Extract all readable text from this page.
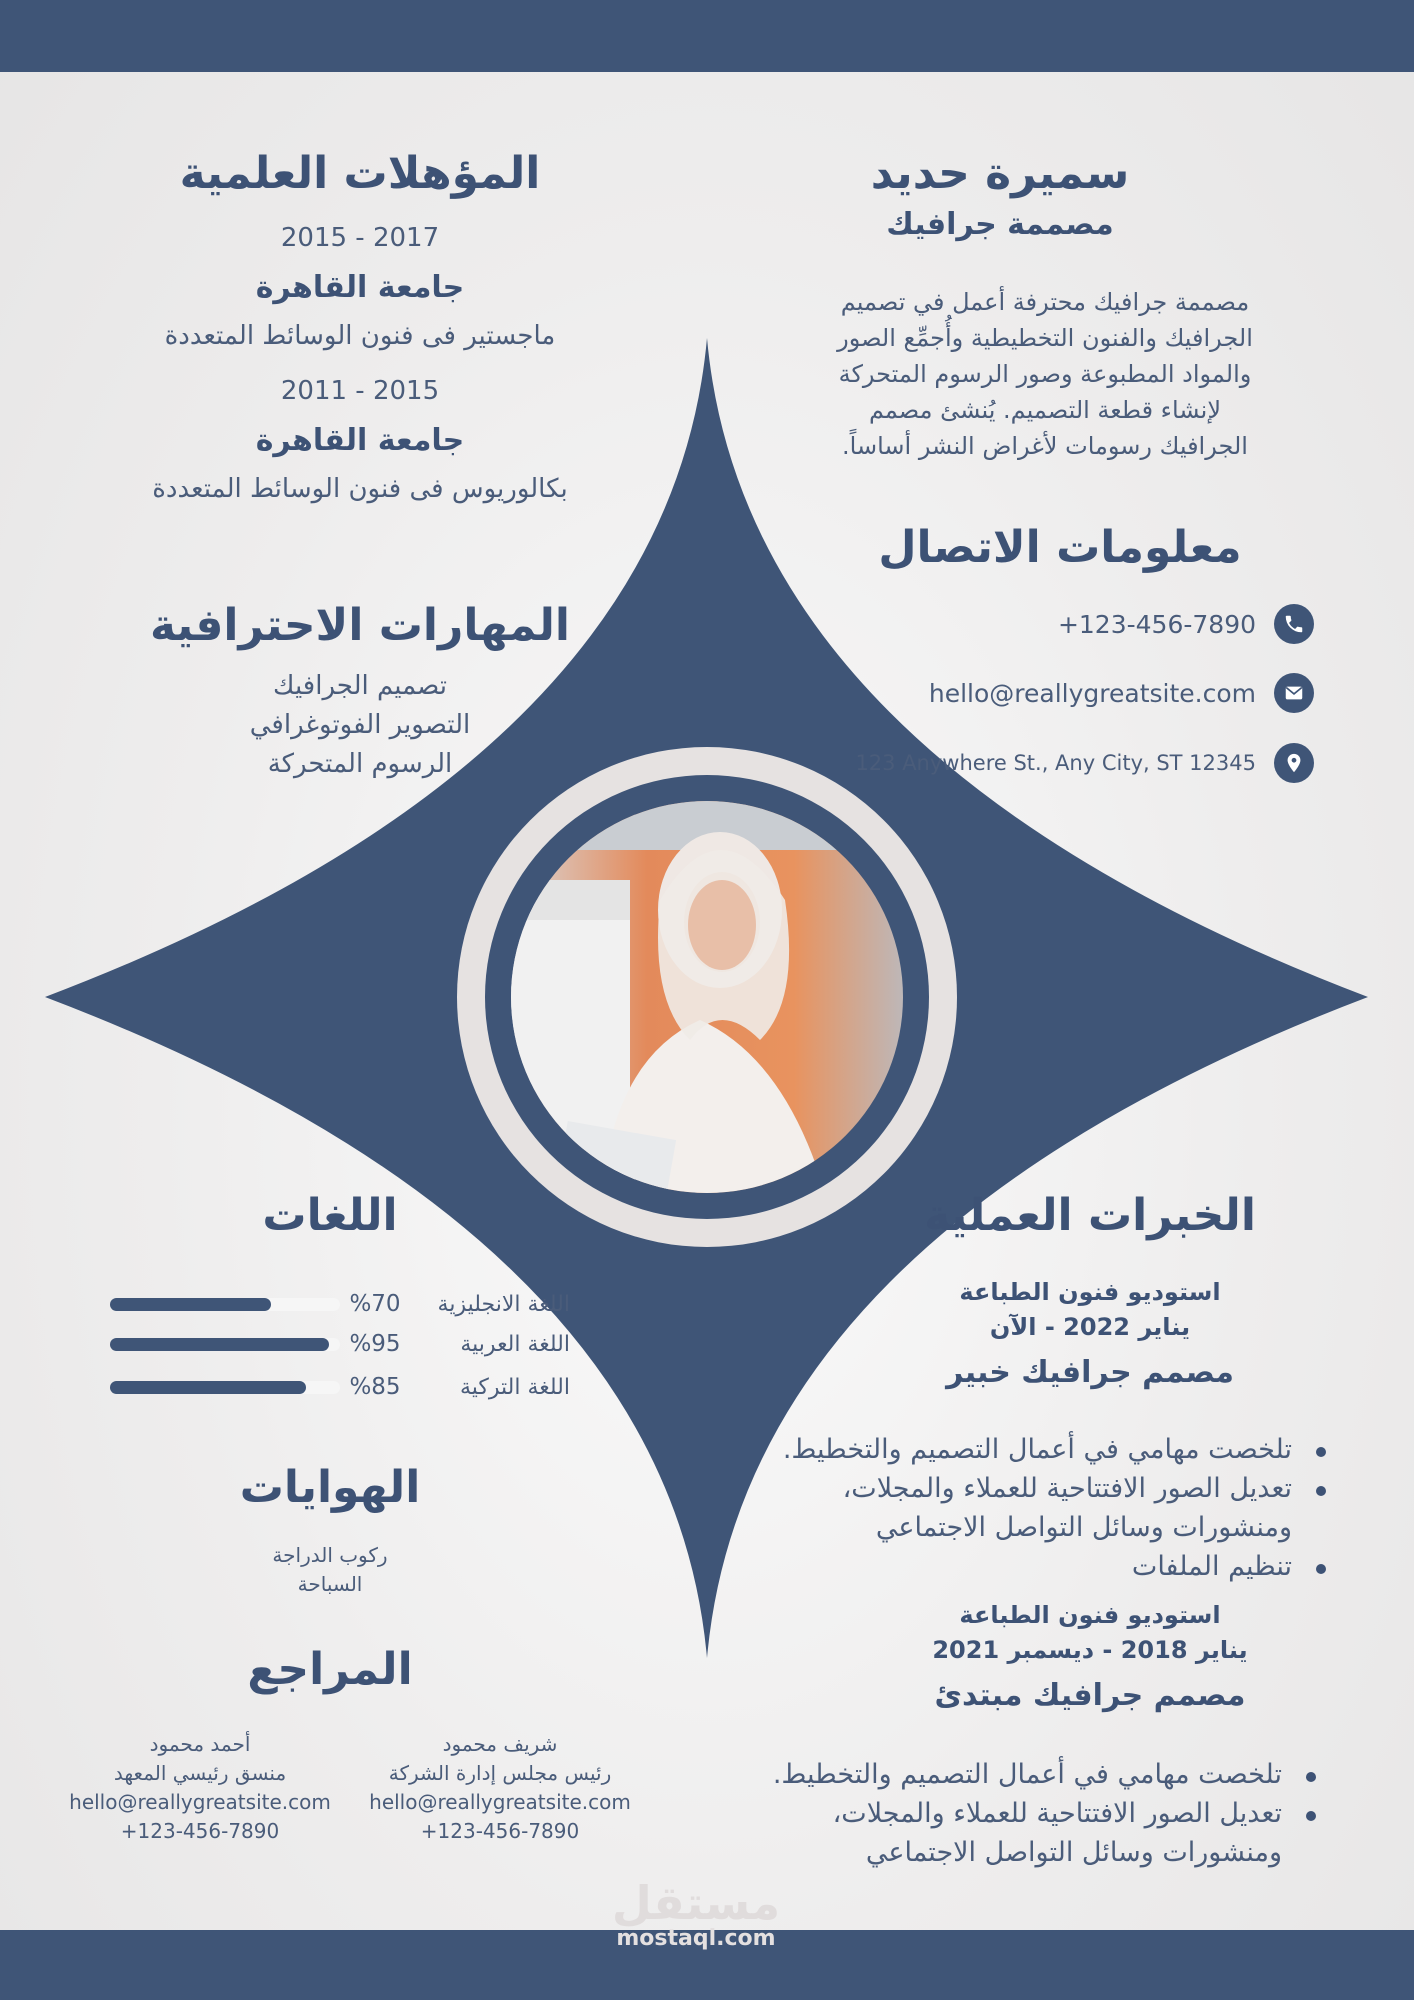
سميرة حديد
مصممة جرافيك
مصممة جرافيك محترفة أعمل في تصميم
الجرافيك والفنون التخطيطية وأُجمِّع الصور
والمواد المطبوعة وصور الرسوم المتحركة
لإنشاء قطعة التصميم. يُنشئ مصمم
الجرافيك رسومات لأغراض النشر أساساً.
معلومات الاتصال
+123-456-7890
hello@reallygreatsite.com
123 Anywhere St., Any City, ST 12345
المؤهلات العلمية
2017 - 2015
جامعة القاهرة
ماجستير فى فنون الوسائط المتعددة
2015 - 2011
جامعة القاهرة
بكالوريوس فى فنون الوسائط المتعددة
المهارات الاحترافية
تصميم الجرافيك
التصوير الفوتوغرافي
الرسوم المتحركة
اللغات
%70	اللغة الانجليزية
%95	اللغة العربية
%85	اللغة التركية
الهوايات
ركوب الدراجة
السباحة
المراجع
شريف محمود
رئيس مجلس إدارة الشركة
hello@reallygreatsite.com
+123-456-7890
أحمد محمود
منسق رئيسي المعهد
hello@reallygreatsite.com
+123-456-7890
الخبرات العملية
استوديو فنون الطباعة
يناير 2022 - الآن
مصمم جرافيك خبير
تلخصت مهامي في أعمال التصميم والتخطيط.
تعديل الصور الافتتاحية للعملاء والمجلات، ومنشورات وسائل التواصل الاجتماعي
تنظيم الملفات
استوديو فنون الطباعة
يناير 2018 - ديسمبر 2021
مصمم جرافيك مبتدئ
تلخصت مهامي في أعمال التصميم والتخطيط.
تعديل الصور الافتتاحية للعملاء والمجلات، ومنشورات وسائل التواصل الاجتماعي
مستقل
mostaql.com
